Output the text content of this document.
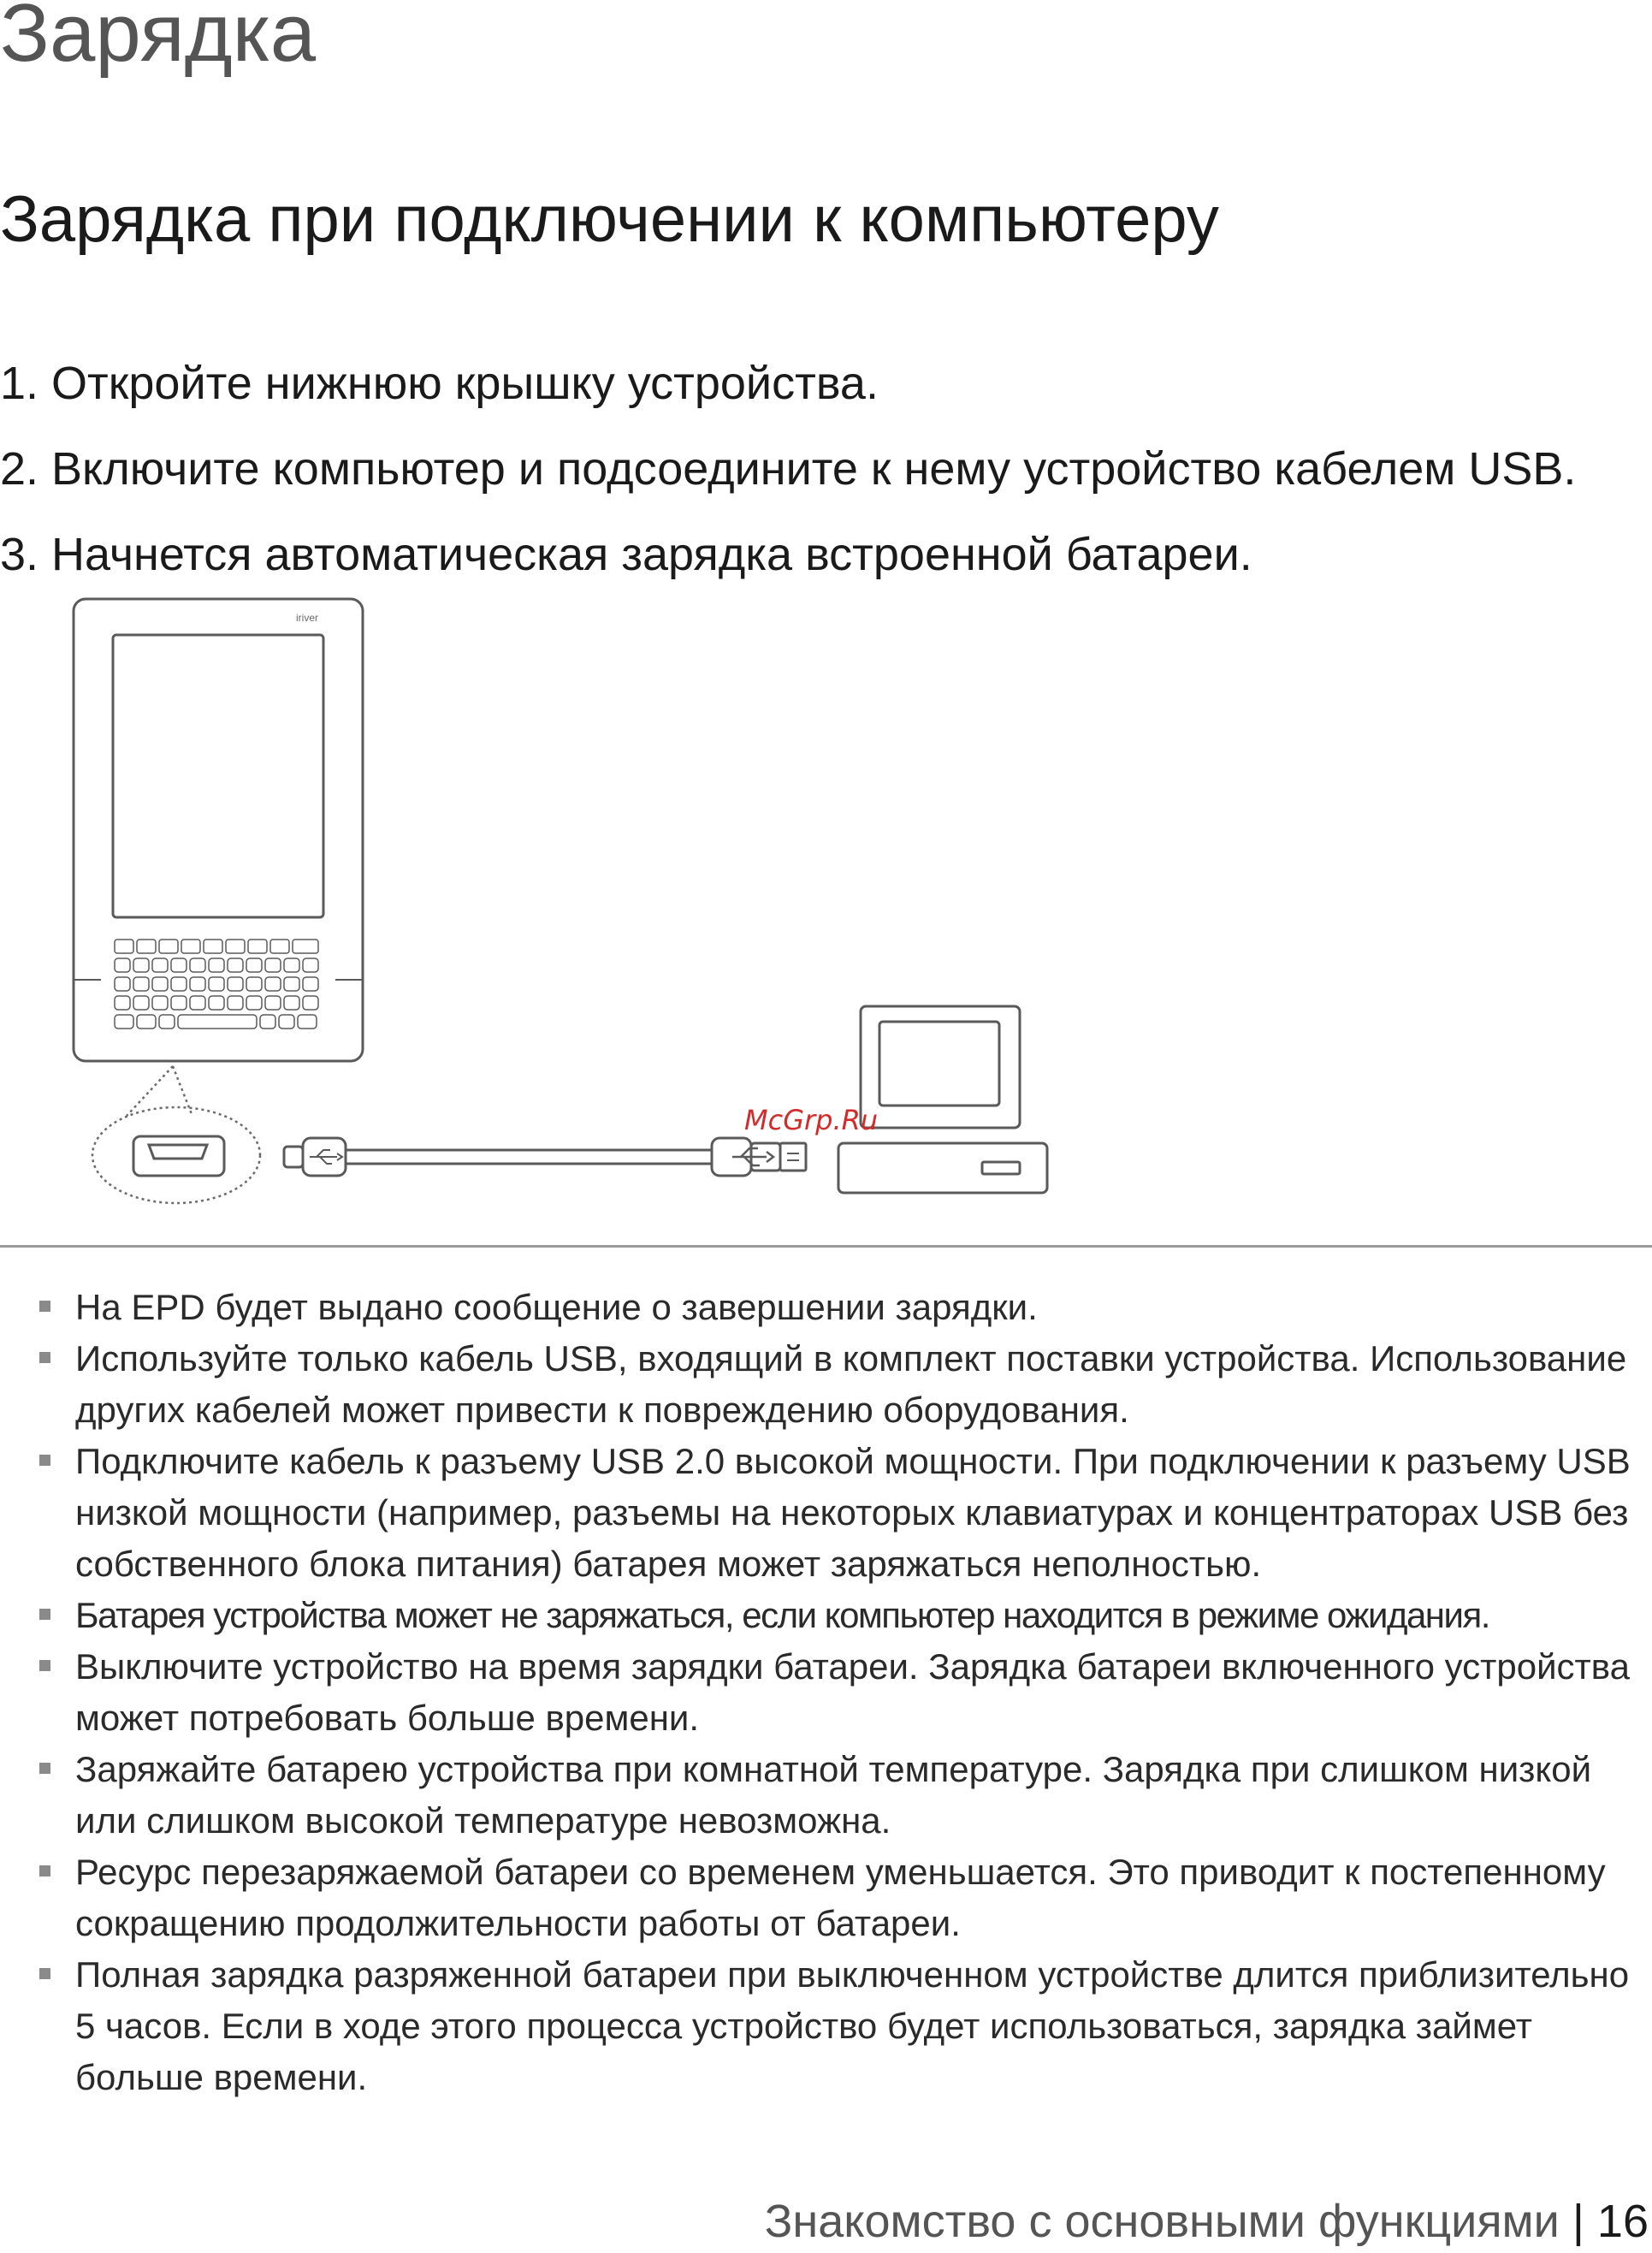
Зарядка
Зарядка при подключении к компьютеру
1. Откройте нижнюю крышку устройства.
2. Включите компьютер и подсоедините к нему устройство кабелем USB.
3. Начнется автоматическая зарядка встроенной батареи.
iriver
McGrp.Ru
На EPD будет выдано сообщение о завершении зарядки.
Используйте только кабель USB, входящий в комплект поставки устройства. Использование других кабелей может привести к повреждению оборудования.
Подключите кабель к разъему USB 2.0 высокой мощности. При подключении к разъему USB низкой мощности (например, разъемы на некоторых клавиатурах и концентраторах USB без собственного блока питания) батарея может заряжаться неполностью.
Батарея устройства может не заряжаться, если компьютер находится в режиме ожидания.
Выключите устройство на время зарядки батареи. Зарядка батареи включенного устройства может потребовать больше времени.
Заряжайте батарею устройства при комнатной температуре. Зарядка при слишком низкой или слишком высокой температуре невозможна.
Ресурс перезаряжаемой батареи со временем уменьшается. Это приводит к постепенному сокращению продолжительности работы от батареи.
Полная зарядка разряженной батареи при выключенном устройстве длится приблизительно 5 часов. Если в ходе этого процесса устройство будет использоваться, зарядка займет больше времени.
Знакомство с основными функциями | 16
